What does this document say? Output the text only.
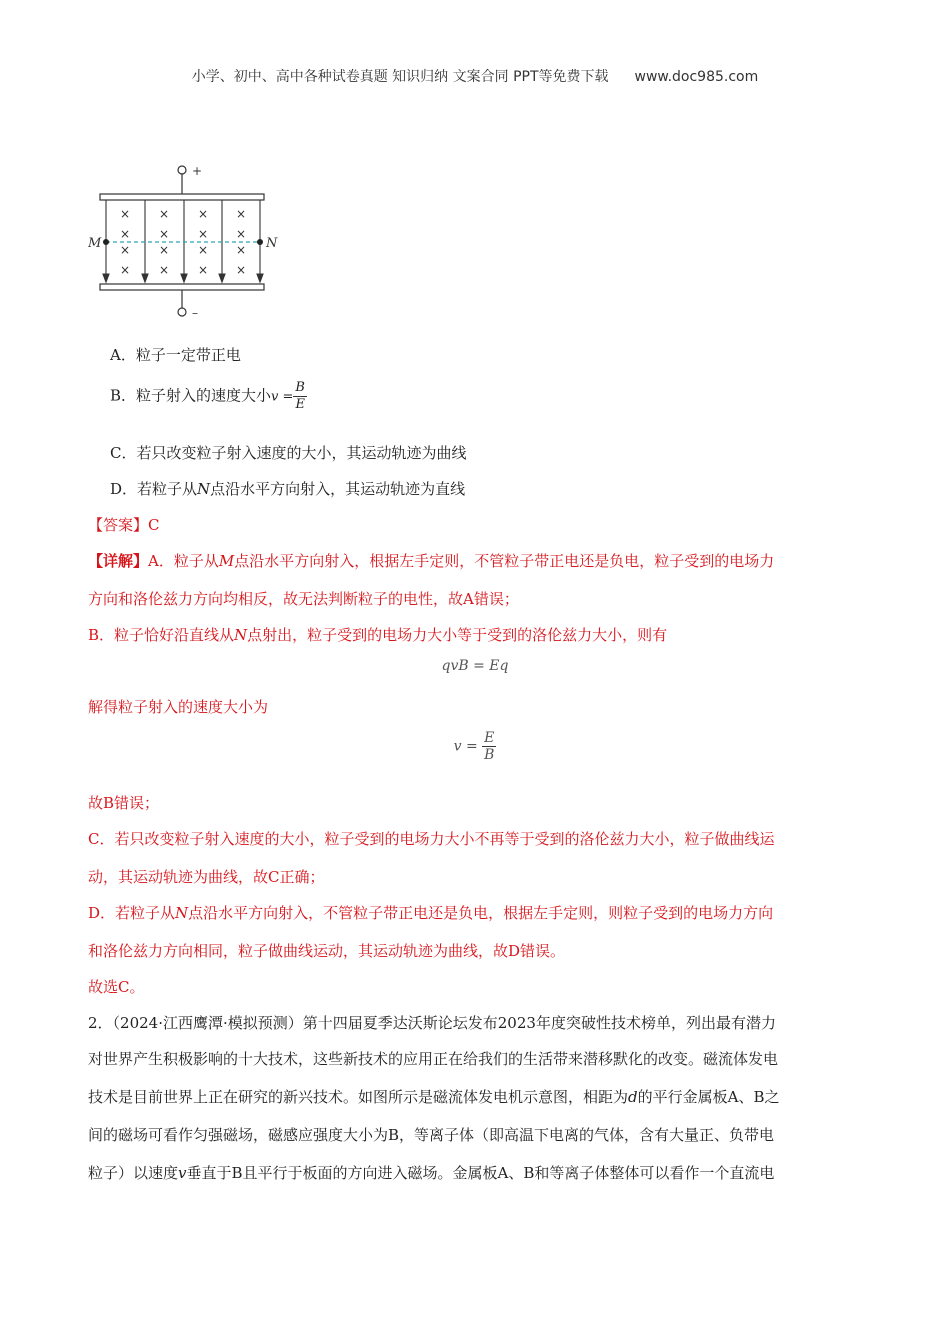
小学、初中、高中各种试卷真题 知识归纳 文案合同 PPT等免费下载 www.doc985.com
+
–
M	N
× × × ×
× × × ×
× × × ×
× × × ×
A．粒子一定带正电
B．粒子射入的速度大小$v = \frac{B}{E}$
C．若只改变粒子射入速度的大小，其运动轨迹为曲线
D．若粒子从N点沿水平方向射入，其运动轨迹为直线
【答案】C
【详解】A．粒子从M点沿水平方向射入，根据左手定则，不管粒子带正电还是负电，粒子受到的电场力
方向和洛伦兹力方向均相反，故无法判断粒子的电性，故A错误；
B．粒子恰好沿直线从N点射出，粒子受到的电场力大小等于受到的洛伦兹力大小，则有
qvB = Eq
解得粒子射入的速度大小为
$v = \frac{E}{B}$
故B错误；
C．若只改变粒子射入速度的大小，粒子受到的电场力大小不再等于受到的洛伦兹力大小，粒子做曲线运
动，其运动轨迹为曲线，故C正确；
D．若粒子从N点沿水平方向射入，不管粒子带正电还是负电，根据左手定则，则粒子受到的电场力方向
和洛伦兹力方向相同，粒子做曲线运动，其运动轨迹为曲线，故D错误。
故选C。
2．（2024·江西鹰潭·模拟预测）第十四届夏季达沃斯论坛发布2023年度突破性技术榜单，列出最有潜力
对世界产生积极影响的十大技术，这些新技术的应用正在给我们的生活带来潜移默化的改变。磁流体发电
技术是目前世界上正在研究的新兴技术。如图所示是磁流体发电机示意图，相距为d的平行金属板A、B之
间的磁场可看作匀强磁场，磁感应强度大小为B，等离子体（即高温下电离的气体，含有大量正、负带电
粒子）以速度v垂直于B且平行于板面的方向进入磁场。金属板A、B和等离子体整体可以看作一个直流电
